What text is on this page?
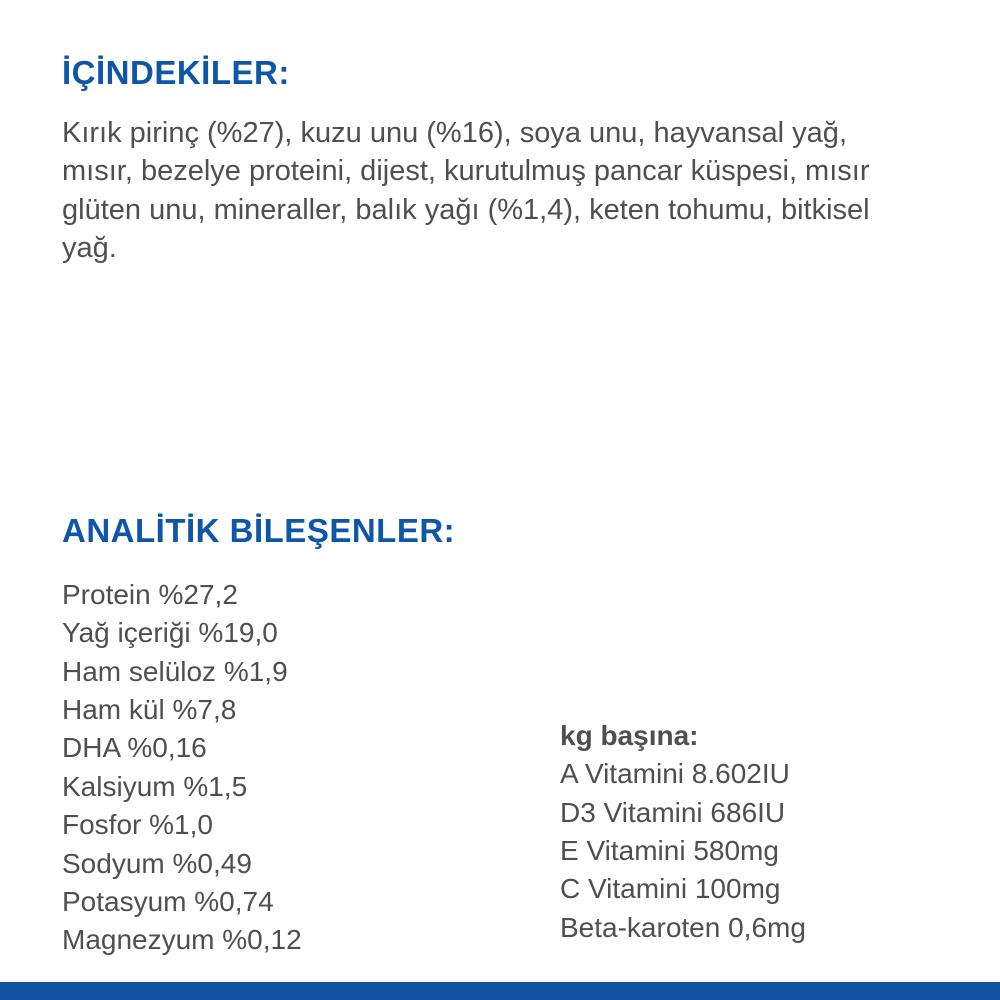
İÇİNDEKİLER:

Kırık pirinç (%27), kuzu unu (%16), soya unu, hayvansal yağ, mısır, bezelye proteini, dijest, kurutulmuş pancar küspesi, mısır glüten unu, mineraller, balık yağı (%1,4), keten tohumu, bitkisel yağ.

ANALİTİK BİLEŞENLER:
Protein %27,2
Yağ içeriği %19,0
Ham selüloz %1,9
Ham kül %7,8
DHA %0,16
Kalsiyum %1,5
Fosfor %1,0
Sodyum %0,49
Potasyum %0,74
Magnezyum %0,12
kg başına:
A Vitamini 8.602IU
D3 Vitamini 686IU
E Vitamini 580mg
C Vitamini 100mg
Beta-karoten 0,6mg
